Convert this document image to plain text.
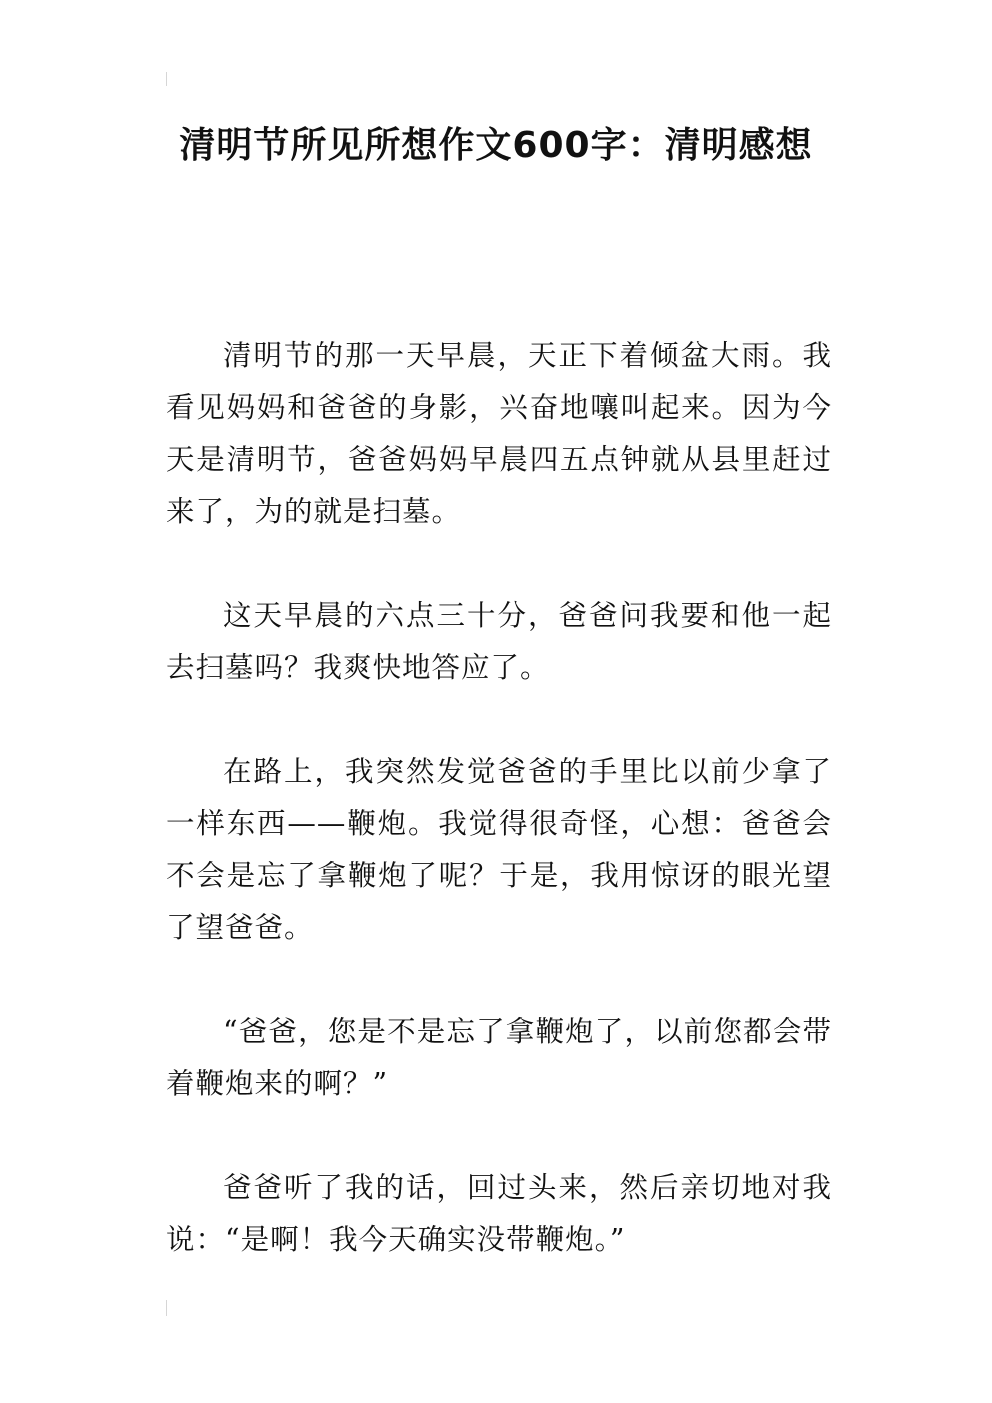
清明节所见所想作文600字：清明感想

清明节的那一天早晨，天正下着倾盆大雨。我看见妈妈和爸爸的身影，兴奋地嚷叫起来。因为今天是清明节，爸爸妈妈早晨四五点钟就从县里赶过来了，为的就是扫墓。

这天早晨的六点三十分，爸爸问我要和他一起去扫墓吗？我爽快地答应了。

在路上，我突然发觉爸爸的手里比以前少拿了一样东西——鞭炮。我觉得很奇怪，心想：爸爸会不会是忘了拿鞭炮了呢？于是，我用惊讶的眼光望了望爸爸。

“爸爸，您是不是忘了拿鞭炮了，以前您都会带着鞭炮来的啊？”

爸爸听了我的话，回过头来，然后亲切地对我说：“是啊！我今天确实没带鞭炮。”
